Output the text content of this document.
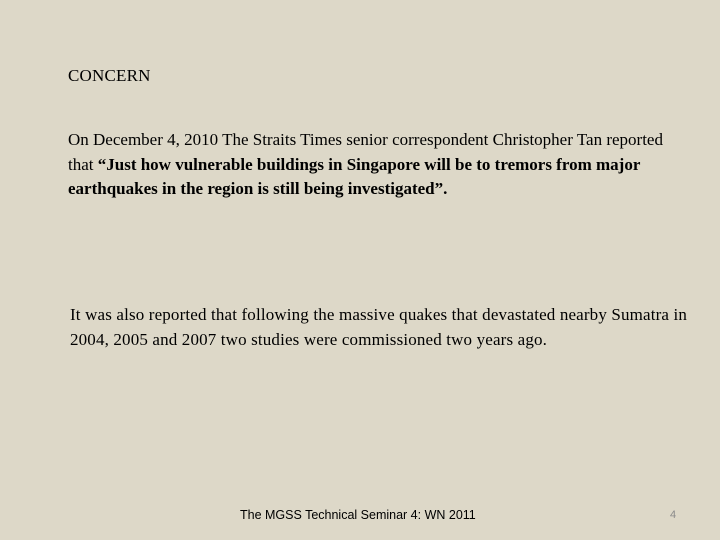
CONCERN
On December 4, 2010 The Straits Times senior correspondent Christopher Tan reported that “Just how vulnerable buildings in Singapore will be to tremors from major earthquakes in the region is still being investigated”.
It was also reported that following the massive quakes that devastated nearby Sumatra in 2004, 2005 and 2007 two studies were commissioned two years ago.
The MGSS Technical Seminar 4: WN 2011	4
